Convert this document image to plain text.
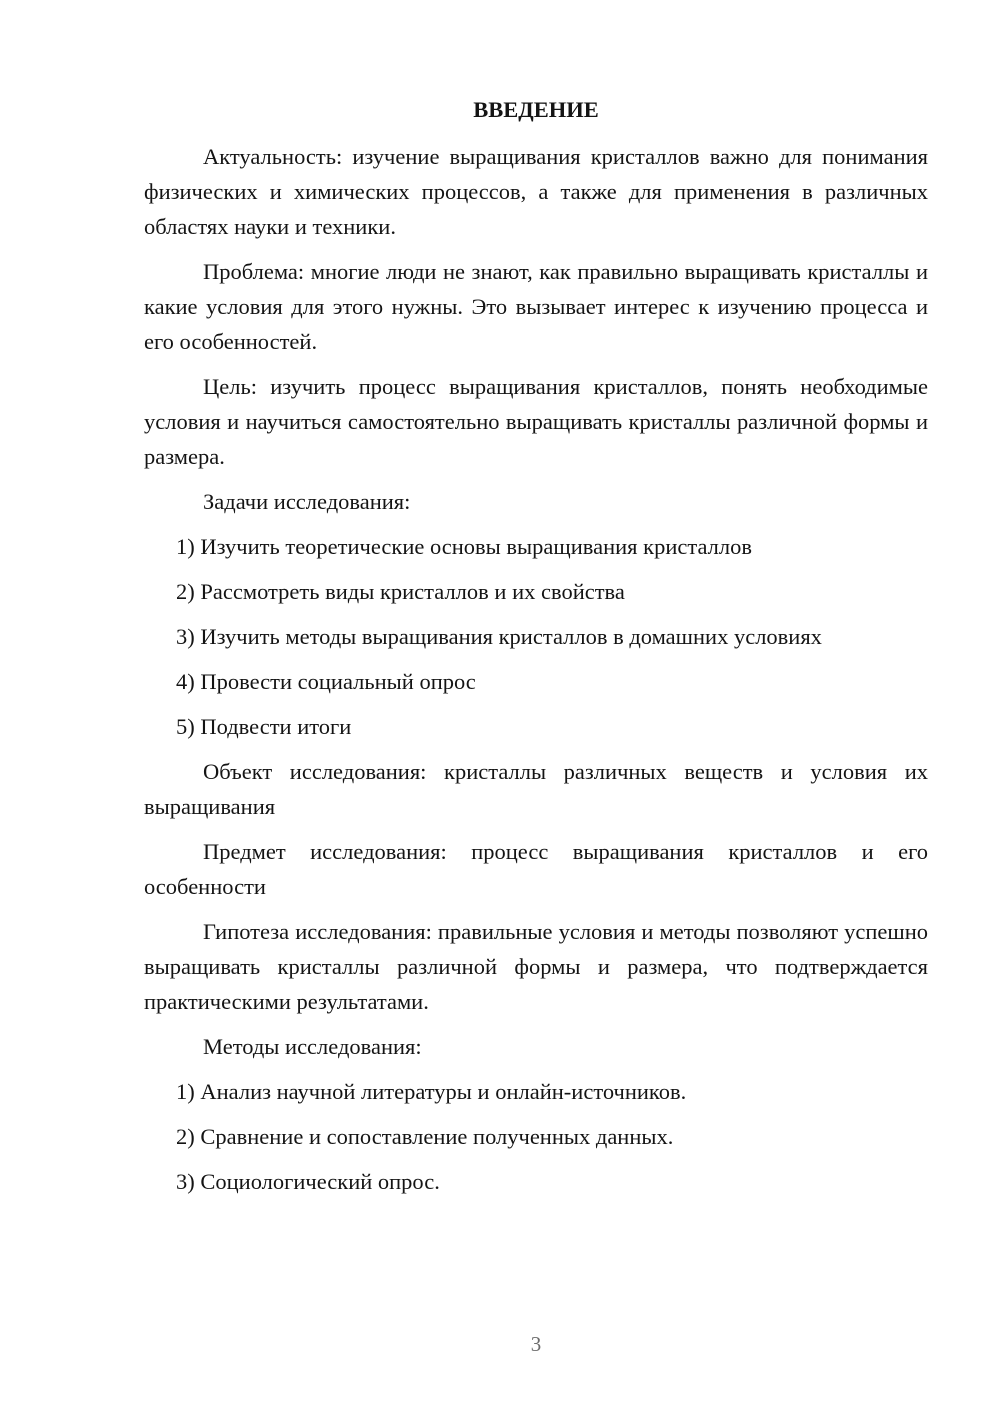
ВВЕДЕНИЕ

Актуальность: изучение выращивания кристаллов важно для понимания физических и химических процессов, а также для применения в различных областях науки и техники.

Проблема: многие люди не знают, как правильно выращивать кристаллы и какие условия для этого нужны. Это вызывает интерес к изучению процесса и его особенностей.

Цель: изучить процесс выращивания кристаллов, понять необходимые условия и научиться самостоятельно выращивать кристаллы различной формы и размера.

Задачи исследования:

1) Изучить теоретические основы выращивания кристаллов

2) Рассмотреть виды кристаллов и их свойства

3) Изучить методы выращивания кристаллов в домашних условиях

4) Провести социальный опрос

5) Подвести итоги

Объект исследования: кристаллы различных веществ и условия их выращивания

Предмет исследования: процесс выращивания кристаллов и его особенности

Гипотеза исследования: правильные условия и методы позволяют успешно выращивать кристаллы различной формы и размера, что подтверждается практическими результатами.

Методы исследования:

1) Анализ научной литературы и онлайн-источников.

2) Сравнение и сопоставление полученных данных.

3) Социологический опрос.

3
